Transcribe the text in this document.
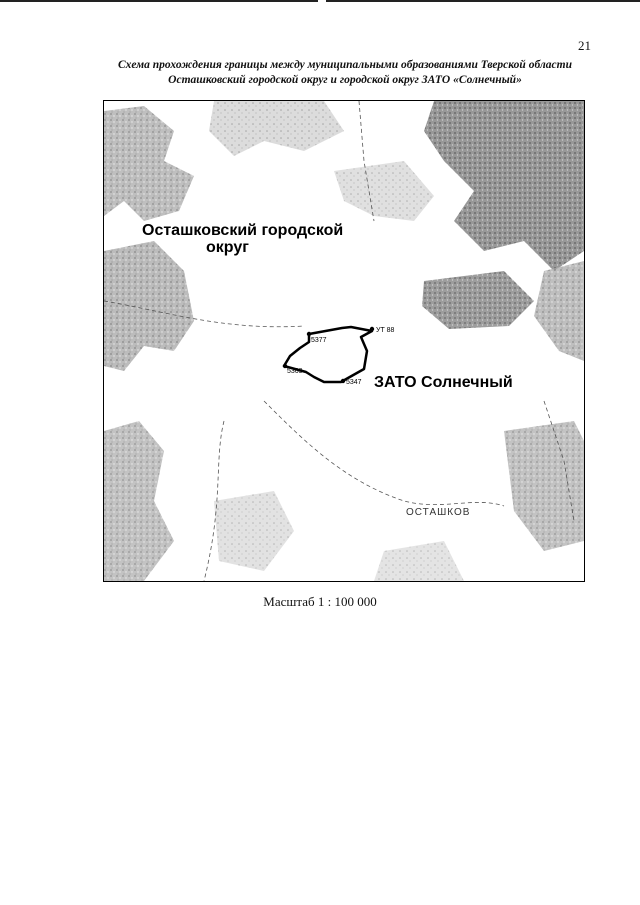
21
Схема прохождения границы между муниципальными образованиями Тверской области
Осташковский городской округ и городской округ ЗАТО «Солнечный»
Осташковский городской
округ
ЗАТО Солнечный
ОСТАШКОВ
5377
УТ 88
5369
5347
Масштаб 1 : 100 000
